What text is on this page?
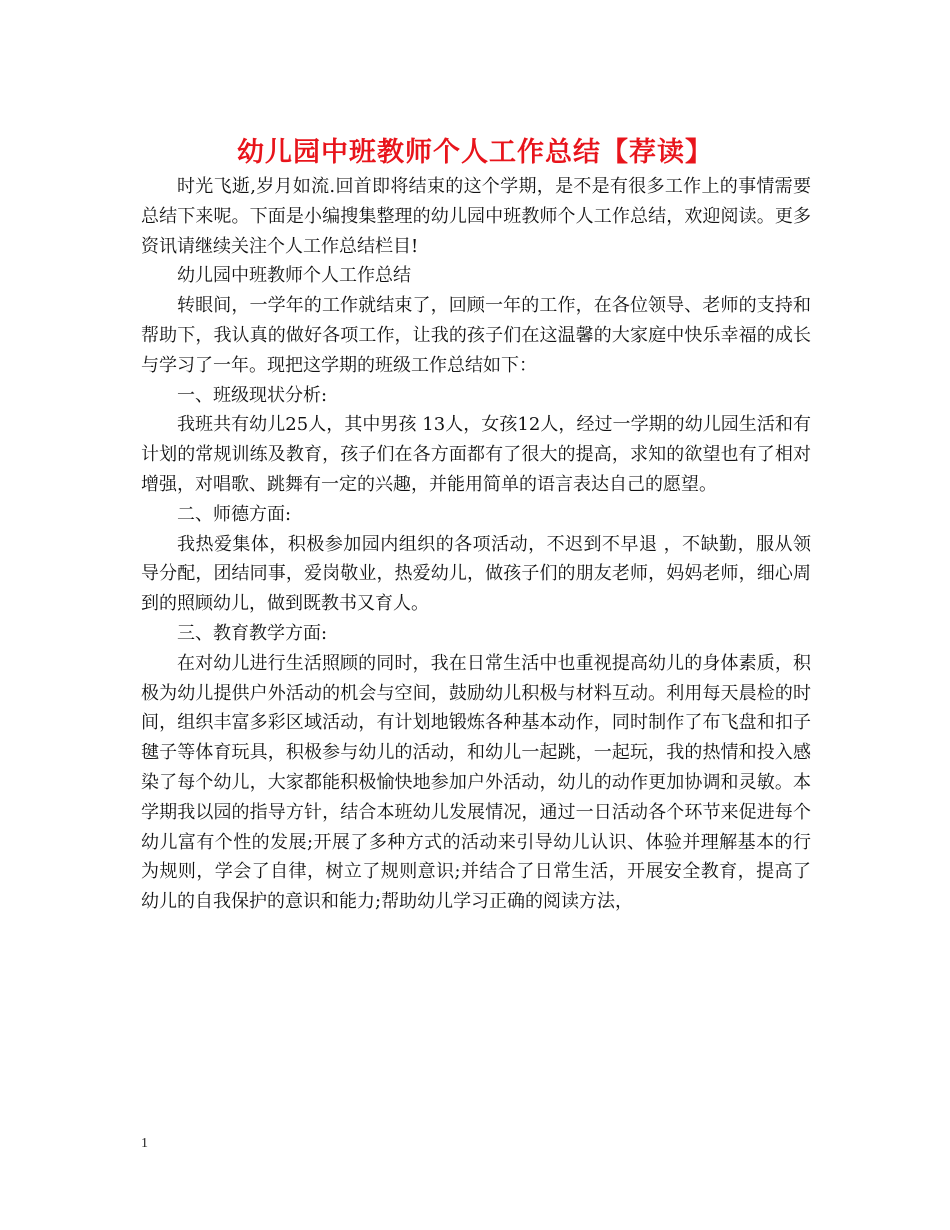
幼儿园中班教师个人工作总结【荐读】

时光飞逝,岁月如流.回首即将结束的这个学期，是不是有很多工作上的事情需要总结下来呢。下面是小编搜集整理的幼儿园中班教师个人工作总结，欢迎阅读。更多资讯请继续关注个人工作总结栏目!

幼儿园中班教师个人工作总结

转眼间，一学年的工作就结束了，回顾一年的工作，在各位领导、老师的支持和帮助下，我认真的做好各项工作，让我的孩子们在这温馨的大家庭中快乐幸福的成长与学习了一年。现把这学期的班级工作总结如下：

一、班级现状分析:

我班共有幼儿25人，其中男孩 13人，女孩12人，经过一学期的幼儿园生活和有计划的常规训练及教育，孩子们在各方面都有了很大的提高，求知的欲望也有了相对增强，对唱歌、跳舞有一定的兴趣，并能用简单的语言表达自己的愿望。

二、师德方面:

我热爱集体，积极参加园内组织的各项活动，不迟到不早退 ，不缺勤，服从领导分配，团结同事，爱岗敬业，热爱幼儿，做孩子们的朋友老师，妈妈老师，细心周到的照顾幼儿，做到既教书又育人。

三、教育教学方面:

在对幼儿进行生活照顾的同时，我在日常生活中也重视提高幼儿的身体素质，积极为幼儿提供户外活动的机会与空间，鼓励幼儿积极与材料互动。利用每天晨检的时间，组织丰富多彩区域活动，有计划地锻炼各种基本动作，同时制作了布飞盘和扣子毽子等体育玩具，积极参与幼儿的活动，和幼儿一起跳，一起玩，我的热情和投入感染了每个幼儿，大家都能积极愉快地参加户外活动，幼儿的动作更加协调和灵敏。本学期我以园的指导方针，结合本班幼儿发展情况，通过一日活动各个环节来促进每个幼儿富有个性的发展;开展了多种方式的活动来引导幼儿认识、体验并理解基本的行为规则，学会了自律，树立了规则意识;并结合了日常生活，开展安全教育，提高了幼儿的自我保护的意识和能力;帮助幼儿学习正确的阅读方法，

1
